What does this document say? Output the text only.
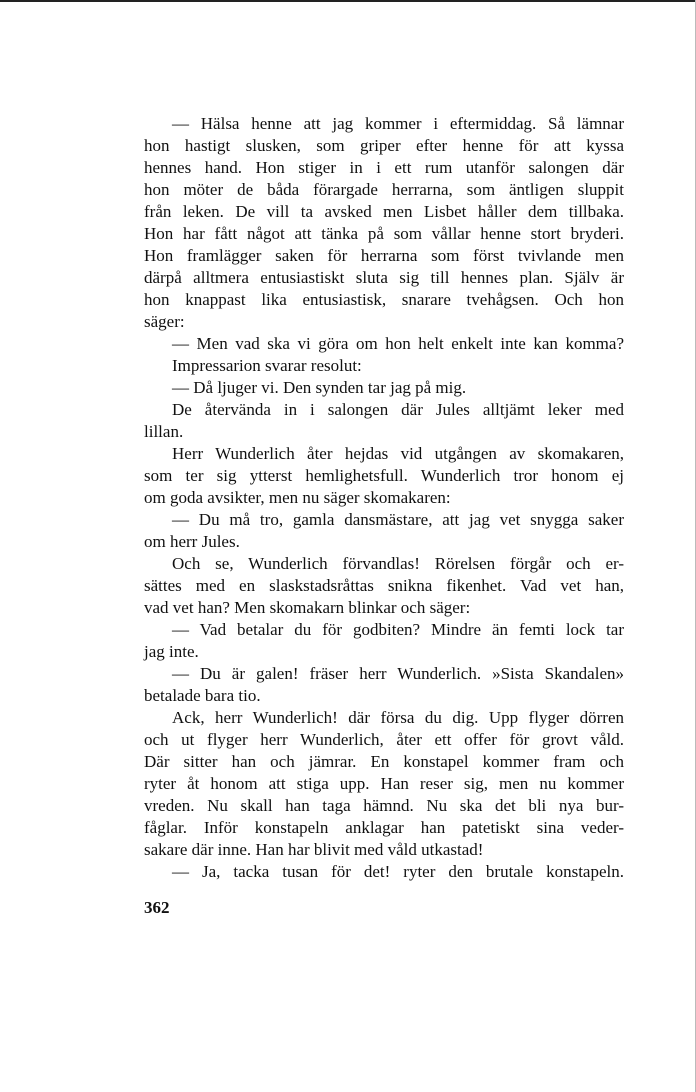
— Hälsa henne att jag kommer i eftermiddag. Så lämnar
hon hastigt slusken, som griper efter henne för att kyssa
hennes hand. Hon stiger in i ett rum utanför salongen där
hon möter de båda förargade herrarna, som äntligen sluppit
från leken. De vill ta avsked men Lisbet håller dem tillbaka.
Hon har fått något att tänka på som vållar henne stort bryderi.
Hon framlägger saken för herrarna som först tvivlande men
därpå alltmera entusiastiskt sluta sig till hennes plan. Själv är
hon knappast lika entusiastisk, snarare tvehågsen. Och hon
säger:
— Men vad ska vi göra om hon helt enkelt inte kan komma?
Impressarion svarar resolut:
— Då ljuger vi. Den synden tar jag på mig.
De återvända in i salongen där Jules alltjämt leker med
lillan.
Herr Wunderlich åter hejdas vid utgången av skomakaren,
som ter sig ytterst hemlighetsfull. Wunderlich tror honom ej
om goda avsikter, men nu säger skomakaren:
— Du må tro, gamla dansmästare, att jag vet snygga saker
om herr Jules.
Och se, Wunderlich förvandlas! Rörelsen förgår och er-
sättes med en slaskstadsråttas snikna fikenhet. Vad vet han,
vad vet han? Men skomakarn blinkar och säger:
— Vad betalar du för godbiten? Mindre än femti lock tar
jag inte.
— Du är galen! fräser herr Wunderlich. »Sista Skandalen»
betalade bara tio.
Ack, herr Wunderlich! där försa du dig. Upp flyger dörren
och ut flyger herr Wunderlich, åter ett offer för grovt våld.
Där sitter han och jämrar. En konstapel kommer fram och
ryter åt honom att stiga upp. Han reser sig, men nu kommer
vreden. Nu skall han taga hämnd. Nu ska det bli nya bur-
fåglar. Inför konstapeln anklagar han patetiskt sina veder-
sakare där inne. Han har blivit med våld utkastad!
— Ja, tacka tusan för det! ryter den brutale konstapeln.
362
